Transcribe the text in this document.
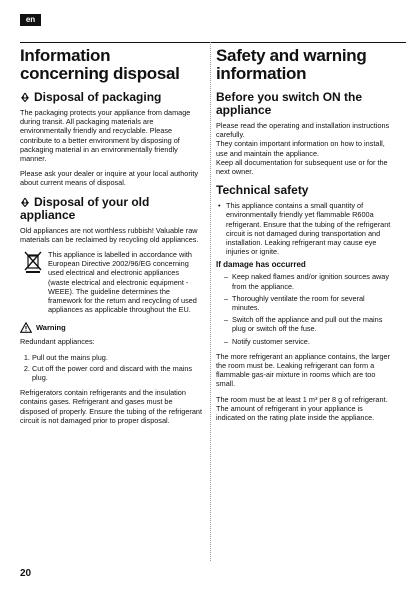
en
Information concerning disposal
Disposal of packaging

The packaging protects your appliance from damage during transit. All packaging materials are environmentally friendly and recyclable. Please contribute to a better environment by disposing of packaging material in an environmentally friendly manner.

Please ask your dealer or inquire at your local authority about current means of disposal.

Disposal of your old appliance

Old appliances are not worthless rubbish! Valuable raw materials can be reclaimed by recycling old appliances.

This appliance is labelled in accordance with European Directive 2002/96/EG concerning used electrical and electronic appliances (waste electrical and electronic equipment - WEEE). The guideline determines the framework for the return and recycling of used appliances as applicable throughout the EU.

Warning

Redundant appliances:

1. Pull out the mains plug.
2. Cut off the power cord and discard with the mains plug.

Refrigerators contain refrigerants and the insulation contains gases. Refrigerant and gases must be disposed of properly. Ensure the tubing of the refrigerant circuit is not damaged prior to proper disposal.

Safety and warning information
Before you switch ON the appliance

Please read the operating and installation instructions carefully.

They contain important information on how to install, use and maintain the appliance.

Keep all documentation for subsequent use or for the next owner.

Technical safety
• This appliance contains a small quantity of environmentally friendly yet flammable R600a refrigerant. Ensure that the tubing of the refrigerant circuit is not damaged during transportation and installation. Leaking refrigerant may cause eye injuries or ignite.
If damage has occurred
– Keep naked flames and/or ignition sources away from the appliance.
– Thoroughly ventilate the room for several minutes.
– Switch off the appliance and pull out the mains plug or switch off the fuse.
– Notify customer service.

The more refrigerant an appliance contains, the larger the room must be. Leaking refrigerant can form a flammable gas-air mixture in rooms which are too small.

The room must be at least 1 m³ per 8 g of refrigerant. The amount of refrigerant in your appliance is indicated on the rating plate inside the appliance.

20
